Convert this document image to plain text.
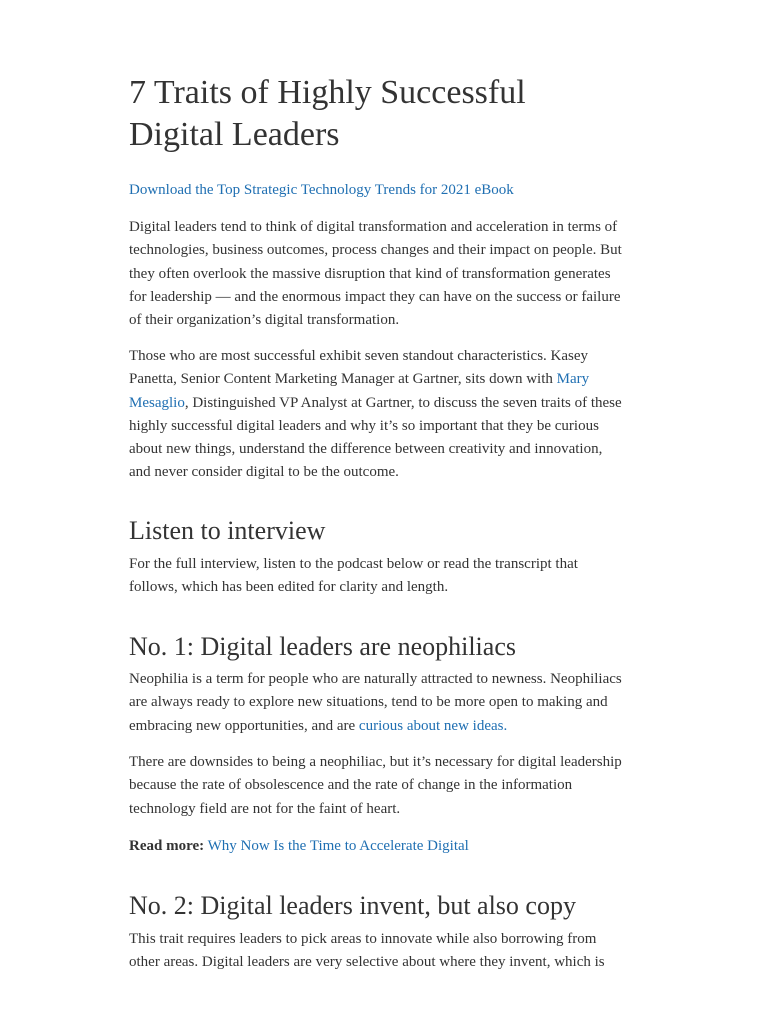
7 Traits of Highly Successful
Digital Leaders

Download the Top Strategic Technology Trends for 2021 eBook

Digital leaders tend to think of digital transformation and acceleration in terms of
technologies, business outcomes, process changes and their impact on people. But
they often overlook the massive disruption that kind of transformation generates
for leadership — and the enormous impact they can have on the success or failure
of their organization’s digital transformation.

Those who are most successful exhibit seven standout characteristics. Kasey
Panetta, Senior Content Marketing Manager at Gartner, sits down with Mary
Mesaglio, Distinguished VP Analyst at Gartner, to discuss the seven traits of these
highly successful digital leaders and why it’s so important that they be curious
about new things, understand the difference between creativity and innovation,
and never consider digital to be the outcome.

Listen to interview

For the full interview, listen to the podcast below or read the transcript that
follows, which has been edited for clarity and length.

No. 1: Digital leaders are neophiliacs

Neophilia is a term for people who are naturally attracted to newness. Neophiliacs
are always ready to explore new situations, tend to be more open to making and
embracing new opportunities, and are curious about new ideas.

There are downsides to being a neophiliac, but it’s necessary for digital leadership
because the rate of obsolescence and the rate of change in the information
technology field are not for the faint of heart.

Read more: Why Now Is the Time to Accelerate Digital

No. 2: Digital leaders invent, but also copy

This trait requires leaders to pick areas to innovate while also borrowing from
other areas. Digital leaders are very selective about where they invent, which is
